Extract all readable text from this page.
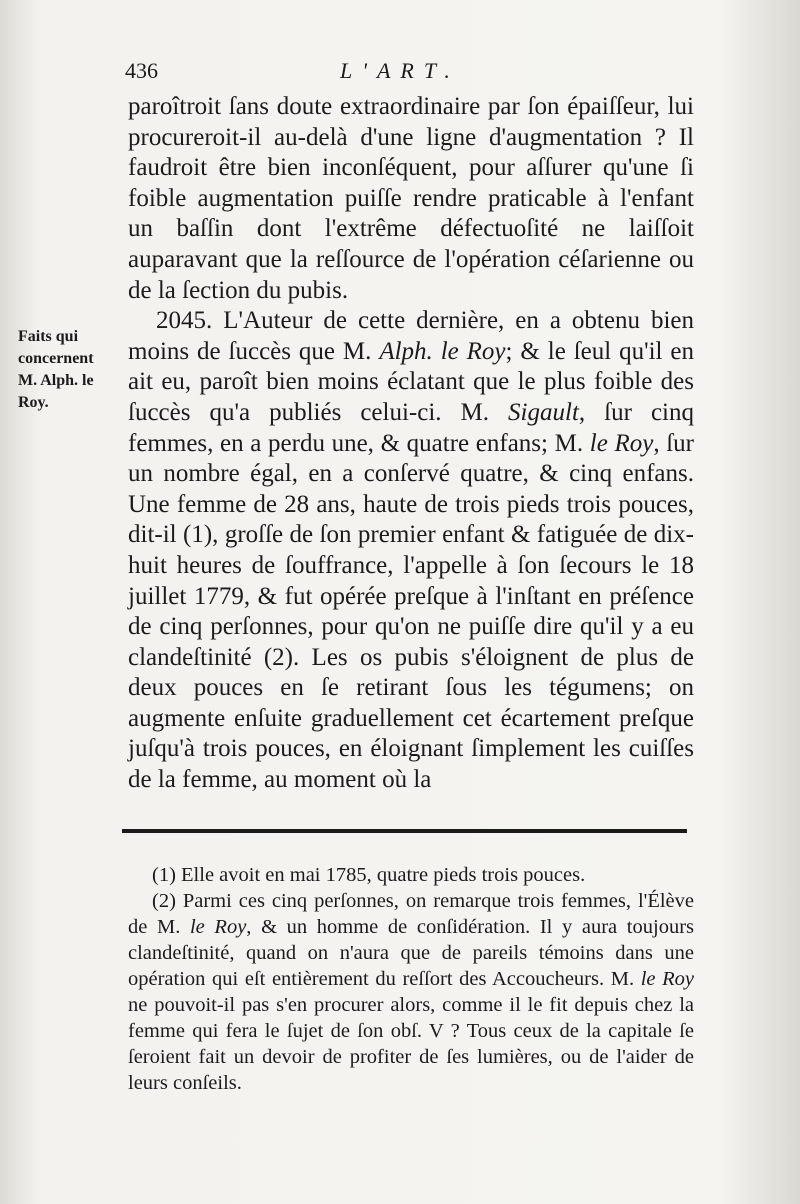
436	L'ART.
Faits qui
concernent
M. Alph. le
Roy.

paroîtroit ſans doute extraordinaire par ſon épaiſſeur, lui procureroit-il au-delà d'une ligne d'augmentation ? Il faudroit être bien inconſéquent, pour aſſurer qu'une ſi foible augmentation puiſſe rendre praticable à l'enfant un baſſin dont l'extrême défectuoſité ne laiſſoit auparavant que la reſſource de l'opération céſarienne ou de la ſection du pubis.

2045. L'Auteur de cette dernière, en a obtenu bien moins de ſuccès que M. Alph. le Roy; & le ſeul qu'il en ait eu, paroît bien moins éclatant que le plus foible des ſuccès qu'a publiés celui-ci. M. Sigault, ſur cinq femmes, en a perdu une, & quatre enfans; M. le Roy, ſur un nombre égal, en a conſervé quatre, & cinq enfans. Une femme de 28 ans, haute de trois pieds trois pouces, dit-il (1), groſſe de ſon premier enfant & fatiguée de dix-huit heures de ſouffrance, l'appelle à ſon ſecours le 18 juillet 1779, & fut opérée preſque à l'inſtant en préſence de cinq perſonnes, pour qu'on ne puiſſe dire qu'il y a eu clandeſtinité (2). Les os pubis s'éloignent de plus de deux pouces en ſe retirant ſous les tégumens; on augmente enſuite graduellement cet écartement preſque juſqu'à trois pouces, en éloignant ſimplement les cuiſſes de la femme, au moment où la

(1) Elle avoit en mai 1785, quatre pieds trois pouces.

(2) Parmi ces cinq perſonnes, on remarque trois femmes, l'Élève de M. le Roy, & un homme de conſidération. Il y aura toujours clandeſtinité, quand on n'aura que de pareils témoins dans une opération qui eſt entièrement du reſſort des Accoucheurs. M. le Roy ne pouvoit-il pas s'en procurer alors, comme il le fit depuis chez la femme qui fera le ſujet de ſon obſ. V ? Tous ceux de la capitale ſe ſeroient fait un devoir de profiter de ſes lumières, ou de l'aider de leurs conſeils.
